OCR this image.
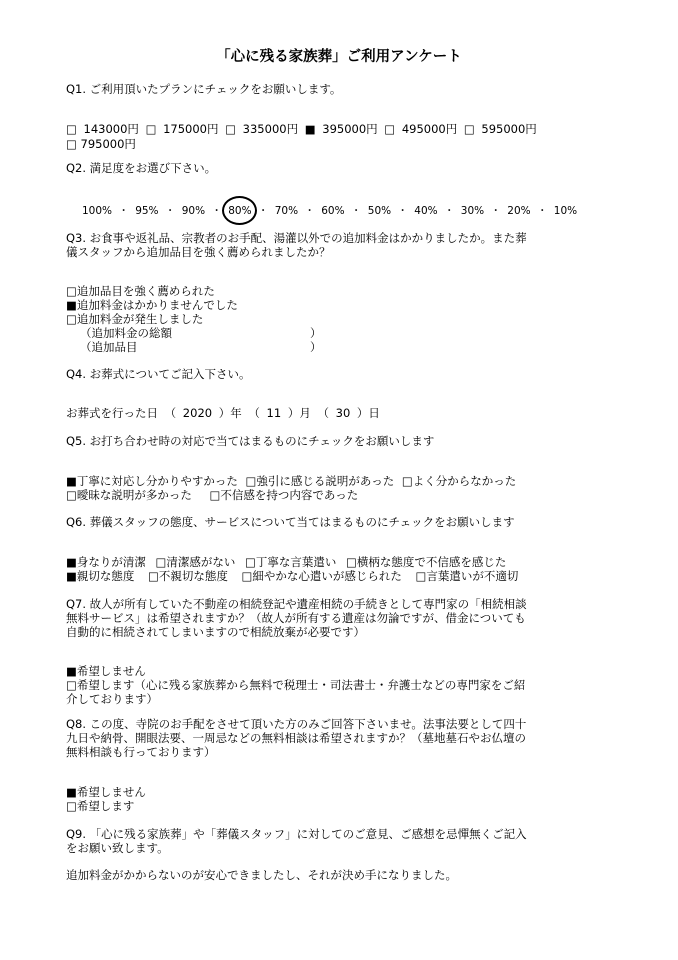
「心に残る家族葬」ご利用アンケート
Q1. ご利用頂いたプランにチェックをお願いします。
□ 143000円 □ 175000円 □ 335000円 ■ 395000円 □ 495000円 □ 595000円
□ 795000円
Q2. 満足度をお選び下さい。
100% ・ 95% ・ 90% ・ 80% ・ 70% ・ 60% ・ 50% ・ 40% ・ 30% ・ 20% ・ 10%
Q3. お食事や返礼品、宗教者のお手配、湯灌以外での追加料金はかかりましたか。また葬
儀スタッフから追加品目を強く薦められましたか？
□追加品目を強く薦められた
■追加料金はかかりませんでした
□追加料金が発生しました
（追加料金の総額　　　　　　　　　　　　）
（追加品目　　　　　　　　　　　　　　　）
Q4. お葬式についてご記入下さい。
お葬式を行った日 （ 2020 ）年 （ 11 ）月 （ 30 ）日
Q5. お打ち合わせ時の対応で当てはまるものにチェックをお願いします
■丁寧に対応し分かりやすかった □強引に感じる説明があった □よく分からなかった
□曖昧な説明が多かった □不信感を持つ内容であった
Q6. 葬儀スタッフの態度、サービスについて当てはまるものにチェックをお願いします
■身なりが清潔 □清潔感がない □丁寧な言葉遣い □横柄な態度で不信感を感じた
■親切な態度 □不親切な態度 □細やかな心遣いが感じられた □言葉遣いが不適切
Q7. 故人が所有していた不動産の相続登記や遺産相続の手続きとして専門家の「相続相談
無料サービス」は希望されますか？（故人が所有する遺産は勿論ですが、借金についても
自動的に相続されてしまいますので相続放棄が必要です）
■希望しません
□希望します（心に残る家族葬から無料で税理士・司法書士・弁護士などの専門家をご紹
介しております）
Q8. この度、寺院のお手配をさせて頂いた方のみご回答下さいませ。法事法要として四十
九日や納骨、開眼法要、一周忌などの無料相談は希望されますか？（墓地墓石やお仏壇の
無料相談も行っております）
■希望しません
□希望します
Q9. 「心に残る家族葬」や「葬儀スタッフ」に対してのご意見、ご感想を忌憚無くご記入
をお願い致します。
追加料金がかからないのが安心できましたし、それが決め手になりました。
